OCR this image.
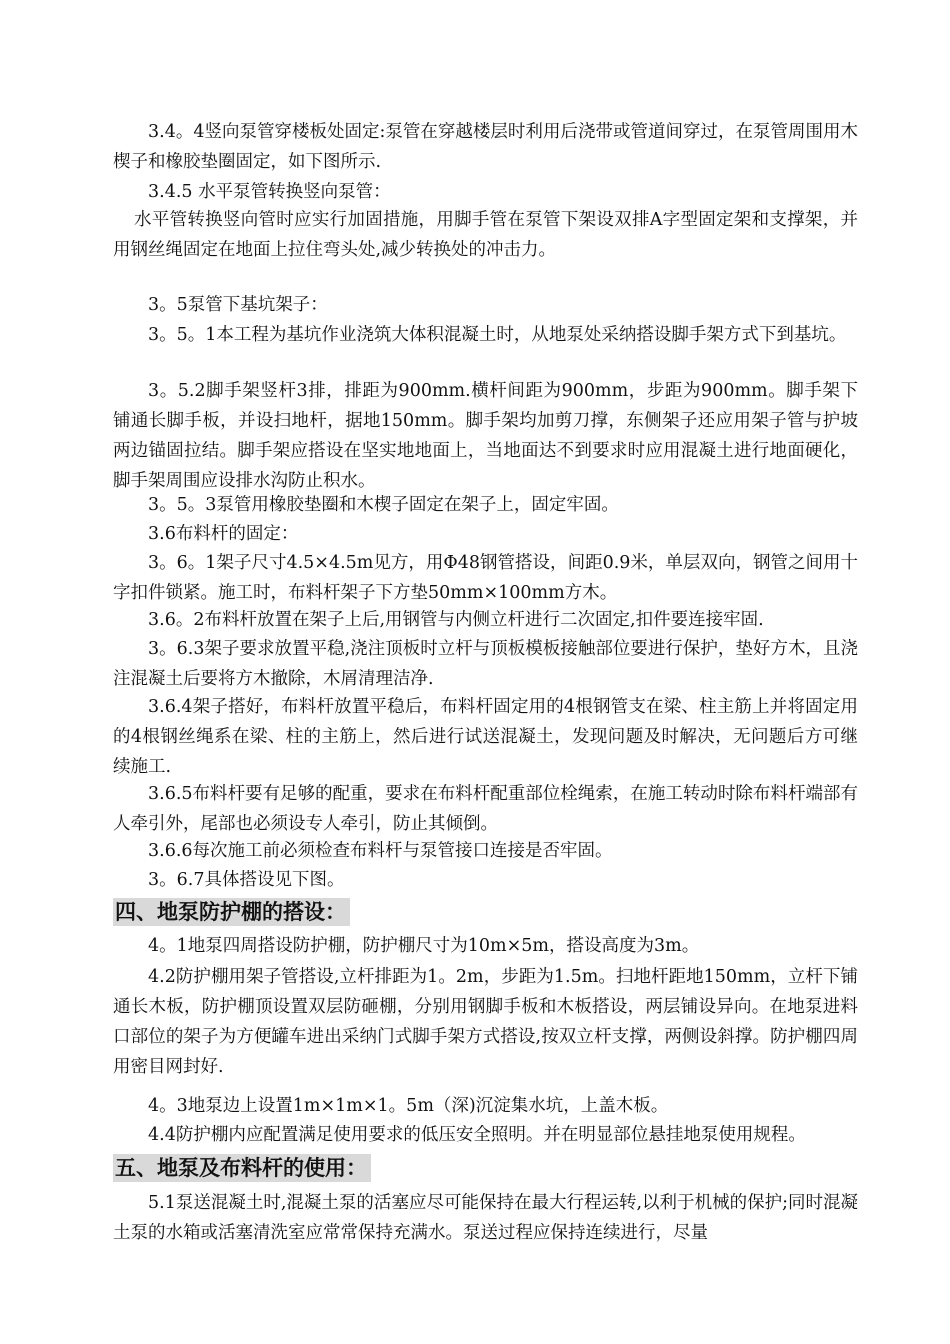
3.4。4竖向泵管穿楼板处固定:泵管在穿越楼层时利用后浇带或管道间穿过，在泵管周围用木楔子和橡胶垫圈固定，如下图所示.

3.4.5 水平泵管转换竖向泵管：

水平管转换竖向管时应实行加固措施，用脚手管在泵管下架设双排A字型固定架和支撑架，并用钢丝绳固定在地面上拉住弯头处,减少转换处的冲击力。

3。5泵管下基坑架子：

3。5。1本工程为基坑作业浇筑大体积混凝土时，从地泵处采纳搭设脚手架方式下到基坑。

3。5.2脚手架竖杆3排，排距为900mm.横杆间距为900mm，步距为900mm。脚手架下铺通长脚手板，并设扫地杆，据地150mm。脚手架均加剪刀撑，东侧架子还应用架子管与护坡两边锚固拉结。脚手架应搭设在坚实地地面上，当地面达不到要求时应用混凝土进行地面硬化，脚手架周围应设排水沟防止积水。

3。5。3泵管用橡胶垫圈和木楔子固定在架子上，固定牢固。

3.6布料杆的固定：

3。6。1架子尺寸4.5×4.5m见方，用Φ48钢管搭设，间距0.9米，单层双向，钢管之间用十字扣件锁紧。施工时，布料杆架子下方垫50mm×100mm方木。

3.6。2布料杆放置在架子上后,用钢管与内侧立杆进行二次固定,扣件要连接牢固.

3。6.3架子要求放置平稳,浇注顶板时立杆与顶板模板接触部位要进行保护，垫好方木，且浇注混凝土后要将方木撤除，木屑清理洁净.

3.6.4架子搭好，布料杆放置平稳后，布料杆固定用的4根钢管支在梁、柱主筋上并将固定用的4根钢丝绳系在梁、柱的主筋上，然后进行试送混凝土，发现问题及时解决，无问题后方可继续施工.

3.6.5布料杆要有足够的配重，要求在布料杆配重部位栓绳索，在施工转动时除布料杆端部有人牵引外，尾部也必须设专人牵引，防止其倾倒。

3.6.6每次施工前必须检查布料杆与泵管接口连接是否牢固。

3。6.7具体搭设见下图。

四、地泵防护棚的搭设：

4。1地泵四周搭设防护棚，防护棚尺寸为10m×5m，搭设高度为3m。

4.2防护棚用架子管搭设,立杆排距为1。2m，步距为1.5m。扫地杆距地150mm，立杆下铺通长木板，防护棚顶设置双层防砸棚，分别用钢脚手板和木板搭设，两层铺设异向。在地泵进料口部位的架子为方便罐车进出采纳门式脚手架方式搭设,按双立杆支撑，两侧设斜撑。防护棚四周用密目网封好.

4。3地泵边上设置1m×1m×1。5m（深)沉淀集水坑，上盖木板。

4.4防护棚内应配置满足使用要求的低压安全照明。并在明显部位悬挂地泵使用规程。

五、地泵及布料杆的使用：

5.1泵送混凝土时,混凝土泵的活塞应尽可能保持在最大行程运转,以利于机械的保护;同时混凝土泵的水箱或活塞清洗室应常常保持充满水。泵送过程应保持连续进行，尽量
